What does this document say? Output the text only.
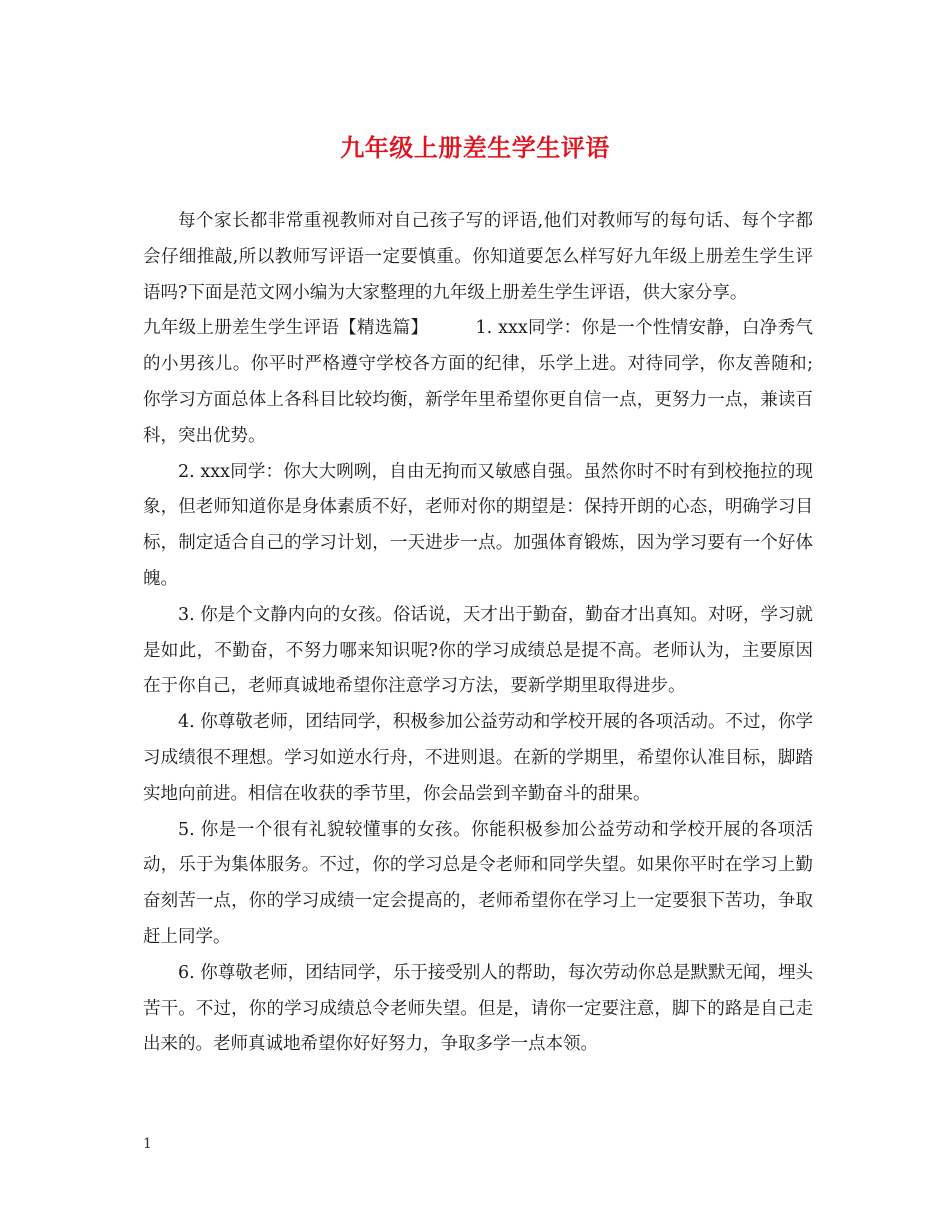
九年级上册差生学生评语

每个家长都非常重视教师对自己孩子写的评语,他们对教师写的每句话、每个字都会仔细推敲,所以教师写评语一定要慎重。你知道要怎么样写好九年级上册差生学生评语吗?下面是范文网小编为大家整理的九年级上册差生学生评语，供大家分享。

九年级上册差生学生评语【精选篇】	1. xxx同学：你是一个性情安静，白净秀气的小男孩儿。你平时严格遵守学校各方面的纪律，乐学上进。对待同学，你友善随和;你学习方面总体上各科目比较均衡，新学年里希望你更自信一点，更努力一点，兼读百科，突出优势。

2. xxx同学：你大大咧咧，自由无拘而又敏感自强。虽然你时不时有到校拖拉的现象，但老师知道你是身体素质不好，老师对你的期望是：保持开朗的心态，明确学习目标，制定适合自己的学习计划，一天进步一点。加强体育锻炼，因为学习要有一个好体魄。

3. 你是个文静内向的女孩。俗话说，天才出于勤奋，勤奋才出真知。对呀，学习就是如此，不勤奋，不努力哪来知识呢?你的学习成绩总是提不高。老师认为，主要原因在于你自己，老师真诚地希望你注意学习方法，要新学期里取得进步。

4. 你尊敬老师，团结同学，积极参加公益劳动和学校开展的各项活动。不过，你学习成绩很不理想。学习如逆水行舟，不进则退。在新的学期里，希望你认准目标，脚踏实地向前进。相信在收获的季节里，你会品尝到辛勤奋斗的甜果。

5. 你是一个很有礼貌较懂事的女孩。你能积极参加公益劳动和学校开展的各项活动，乐于为集体服务。不过，你的学习总是令老师和同学失望。如果你平时在学习上勤奋刻苦一点，你的学习成绩一定会提高的，老师希望你在学习上一定要狠下苦功，争取赶上同学。

6. 你尊敬老师，团结同学，乐于接受别人的帮助，每次劳动你总是默默无闻，埋头苦干。不过，你的学习成绩总令老师失望。但是，请你一定要注意，脚下的路是自己走出来的。老师真诚地希望你好好努力，争取多学一点本领。

1
